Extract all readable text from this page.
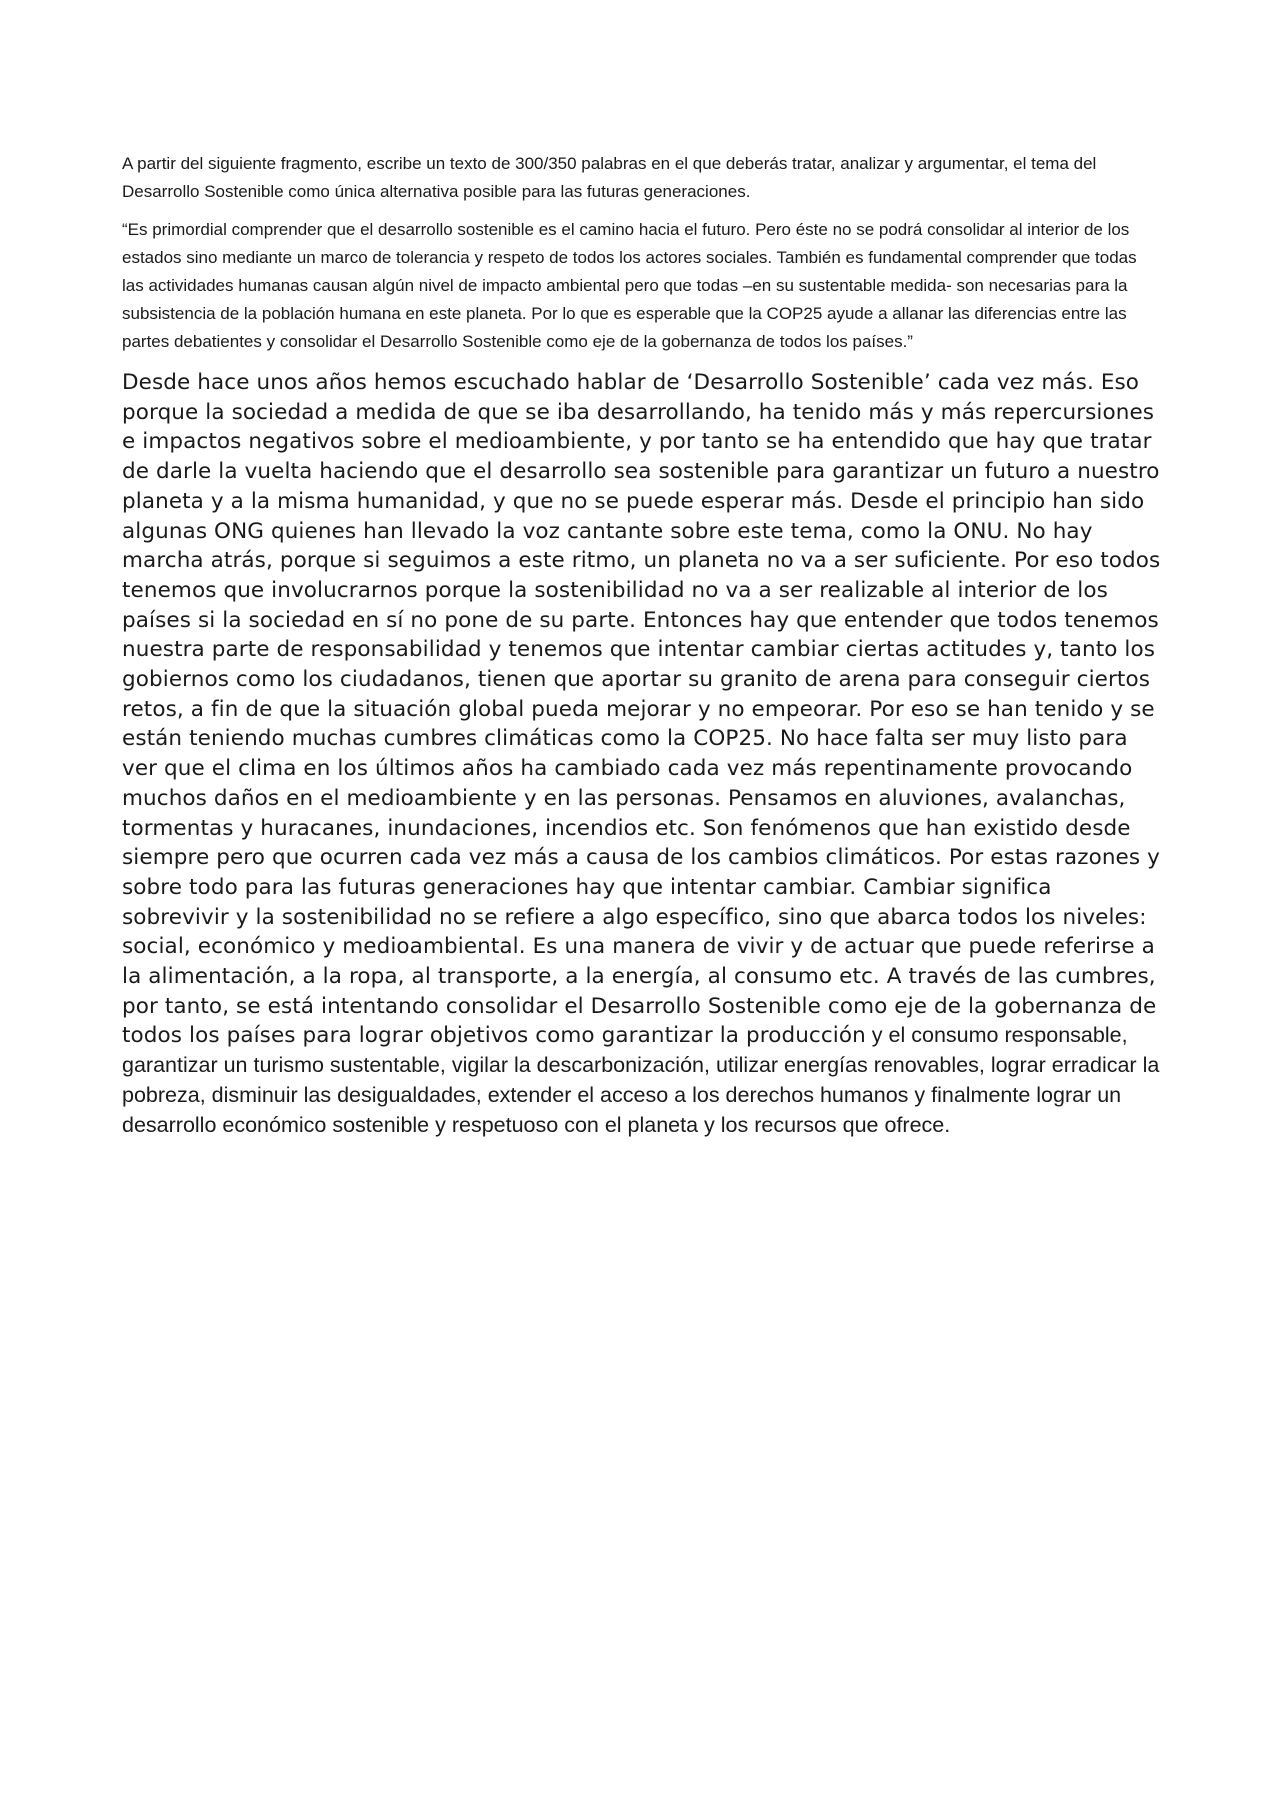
A partir del siguiente fragmento, escribe un texto de 300/350 palabras en el que deberás tratar, analizar y argumentar, el tema del Desarrollo Sostenible como única alternativa posible para las futuras generaciones.

“Es primordial comprender que el desarrollo sostenible es el camino hacia el futuro. Pero éste no se podrá consolidar al interior de los estados sino mediante un marco de tolerancia y respeto de todos los actores sociales. También es fundamental comprender que todas las actividades humanas causan algún nivel de impacto ambiental pero que todas –en su sustentable medida- son necesarias para la subsistencia de la población humana en este planeta. Por lo que es esperable que la COP25 ayude a allanar las diferencias entre las partes debatientes y consolidar el Desarrollo Sostenible como eje de la gobernanza de todos los países.”

Desde hace unos años hemos escuchado hablar de ‘Desarrollo Sostenible’ cada vez más. Eso porque la sociedad a medida de que se iba desarrollando, ha tenido más y más repercursiones e impactos negativos sobre el medioambiente, y por tanto se ha entendido que hay que tratar de darle la vuelta haciendo que el desarrollo sea sostenible para garantizar un futuro a nuestro planeta y a la misma humanidad, y que no se puede esperar más. Desde el principio han sido algunas ONG quienes han llevado la voz cantante sobre este tema, como la ONU. No hay marcha atrás, porque si seguimos a este ritmo, un planeta no va a ser suficiente. Por eso todos tenemos que involucrarnos porque la sostenibilidad no va a ser realizable al interior de los países si la sociedad en sí no pone de su parte. Entonces hay que entender que todos tenemos nuestra parte de responsabilidad y tenemos que intentar cambiar ciertas actitudes y, tanto los gobiernos como los ciudadanos, tienen que aportar su granito de arena para conseguir ciertos retos, a fin de que la situación global pueda mejorar y no empeorar. Por eso se han tenido y se están teniendo muchas cumbres climáticas como la COP25. No hace falta ser muy listo para ver que el clima en los últimos años ha cambiado cada vez más repentinamente provocando muchos daños en el medioambiente y en las personas. Pensamos en aluviones, avalanchas, tormentas y huracanes, inundaciones, incendios etc. Son fenómenos que han existido desde siempre pero que ocurren cada vez más a causa de los cambios climáticos. Por estas razones y sobre todo para las futuras generaciones hay que intentar cambiar. Cambiar significa sobrevivir y la sostenibilidad no se refiere a algo específico, sino que abarca todos los niveles: social, económico y medioambiental. Es una manera de vivir y de actuar que puede referirse a la alimentación, a la ropa, al transporte, a la energía, al consumo etc. A través de las cumbres, por tanto, se está intentando consolidar el Desarrollo Sostenible como eje de la gobernanza de todos los países para lograr objetivos como garantizar la producción y el consumo responsable, garantizar un turismo sustentable, vigilar la descarbonización, utilizar energías renovables, lograr erradicar la pobreza, disminuir las desigualdades, extender el acceso a los derechos humanos y finalmente lograr un desarrollo económico sostenible y respetuoso con el planeta y los recursos que ofrece.
